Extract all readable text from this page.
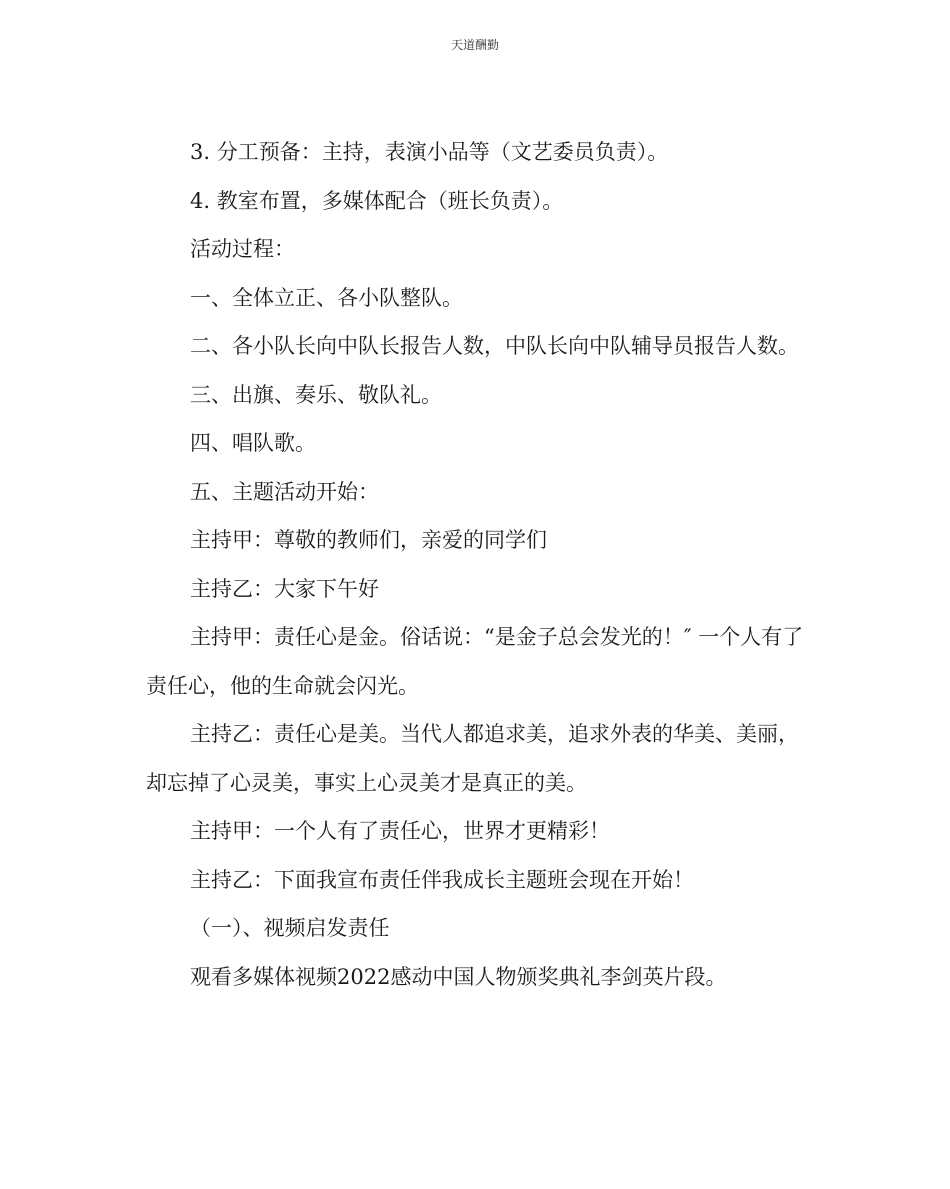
天道酬勤

3. 分工预备：主持，表演小品等（文艺委员负责）。

4. 教室布置，多媒体配合（班长负责）。

活动过程：

一、全体立正、各小队整队。

二、各小队长向中队长报告人数，中队长向中队辅导员报告人数。

三、出旗、奏乐、敬队礼。

四、唱队歌。

五、主题活动开始：

主持甲：尊敬的教师们，亲爱的同学们

主持乙：大家下午好

主持甲：责任心是金。俗话说：“是金子总会发光的！″ 一个人有了责任心，他的生命就会闪光。

主持乙：责任心是美。当代人都追求美，追求外表的华美、美丽，却忘掉了心灵美，事实上心灵美才是真正的美。

主持甲：一个人有了责任心，世界才更精彩！

主持乙：下面我宣布责任伴我成长主题班会现在开始！

（一）、视频启发责任

观看多媒体视频2022感动中国人物颁奖典礼李剑英片段。
